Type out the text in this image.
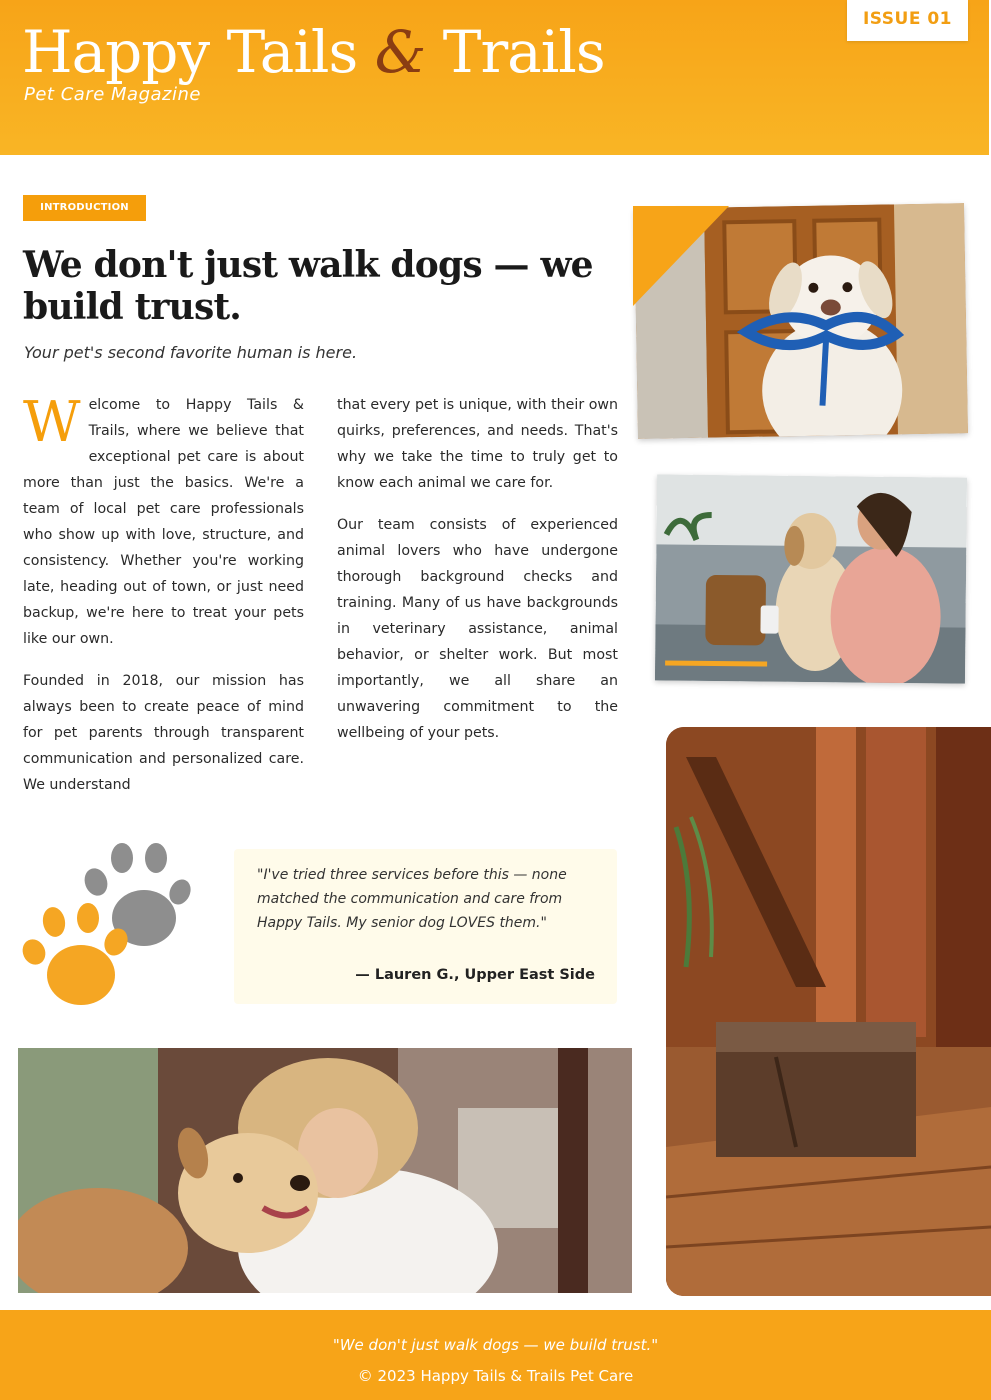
Happy Tails & Trails
Pet Care Magazine
ISSUE 01
INTRODUCTION
We don't just walk dogs — we build trust.
Your pet's second favorite human is here.

Welcome to Happy Tails & Trails, where we believe that exceptional pet care is about more than just the basics. We're a team of local pet care professionals who show up with love, structure, and consistency. Whether you're working late, heading out of town, or just need backup, we're here to treat your pets like our own.

Founded in 2018, our mission has always been to create peace of mind for pet parents through transparent communication and personalized care. We understand

that every pet is unique, with their own quirks, preferences, and needs. That's why we take the time to truly get to know each animal we care for.

Our team consists of experienced animal lovers who have undergone thorough background checks and training. Many of us have backgrounds in veterinary assistance, animal behavior, or shelter work. But most importantly, we all share an unwavering commitment to the wellbeing of your pets.

"I've tried three services before this — none matched the communication and care from Happy Tails. My senior dog LOVES them."
— Lauren G., Upper East Side
"We don't just walk dogs — we build trust."
© 2023 Happy Tails & Trails Pet Care
